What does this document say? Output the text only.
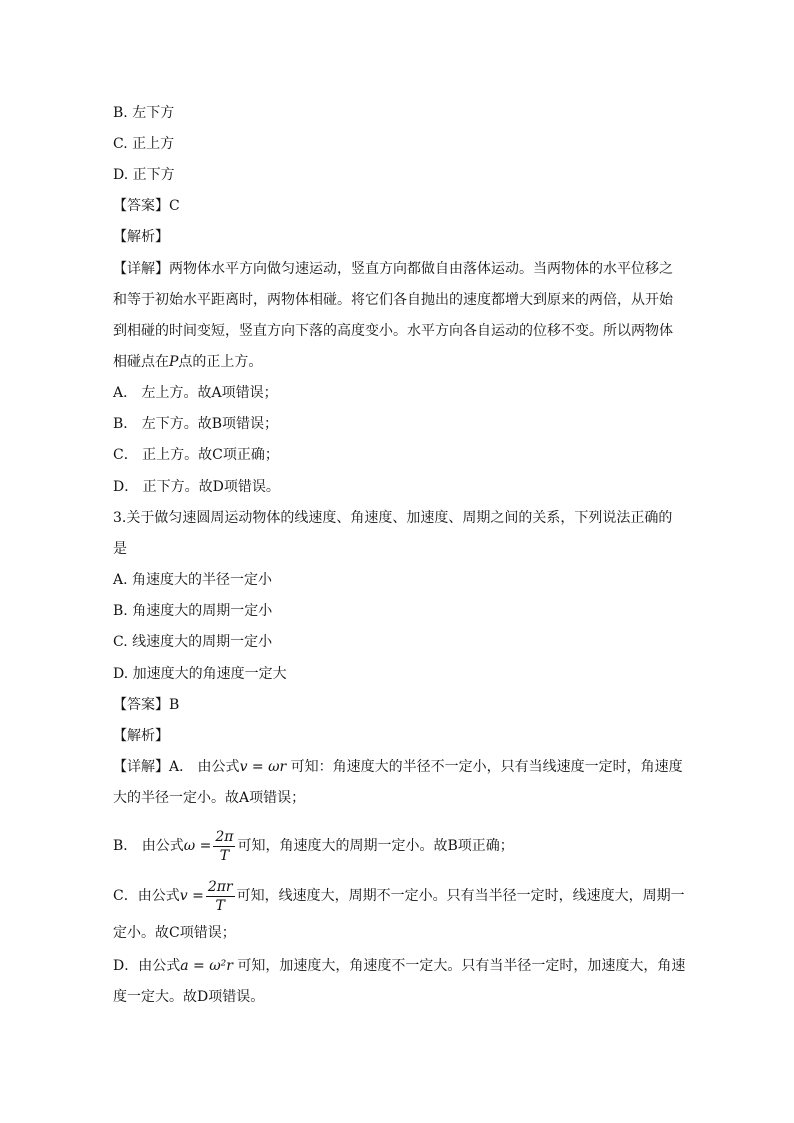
B. 左下方
C. 正上方
D. 正下方
【答案】C
【解析】
【详解】两物体水平方向做匀速运动，竖直方向都做自由落体运动。当两物体的水平位移之
和等于初始水平距离时，两物体相碰。将它们各自抛出的速度都增大到原来的两倍，从开始
到相碰的时间变短，竖直方向下落的高度变小。水平方向各自运动的位移不变。所以两物体
相碰点在P点的正上方。
A． 左上方。故A项错误；
B． 左下方。故B项错误；
C． 正上方。故C项正确；
D． 正下方。故D项错误。
3.关于做匀速圆周运动物体的线速度、角速度、加速度、周期之间的关系，下列说法正确的
是
A. 角速度大的半径一定小
B. 角速度大的周期一定小
C. 线速度大的周期一定小
D. 加速度大的角速度一定大
【答案】B
【解析】
【详解】A． 由公式v = ωr 可知：角速度大的半径不一定小，只有当线速度一定时，角速度
大的半径一定小。故A项错误；
B． 由公式$\omega = \frac{2\pi}{T}$ 可知，角速度大的周期一定小。故B项正确；
C．由公式$v = \frac{2\pi r}{T}$ 可知，线速度大，周期不一定小。只有当半径一定时，线速度大，周期一
定小。故C项错误；
D．由公式a = ω²r 可知，加速度大，角速度不一定大。只有当半径一定时，加速度大，角速
度一定大。故D项错误。
